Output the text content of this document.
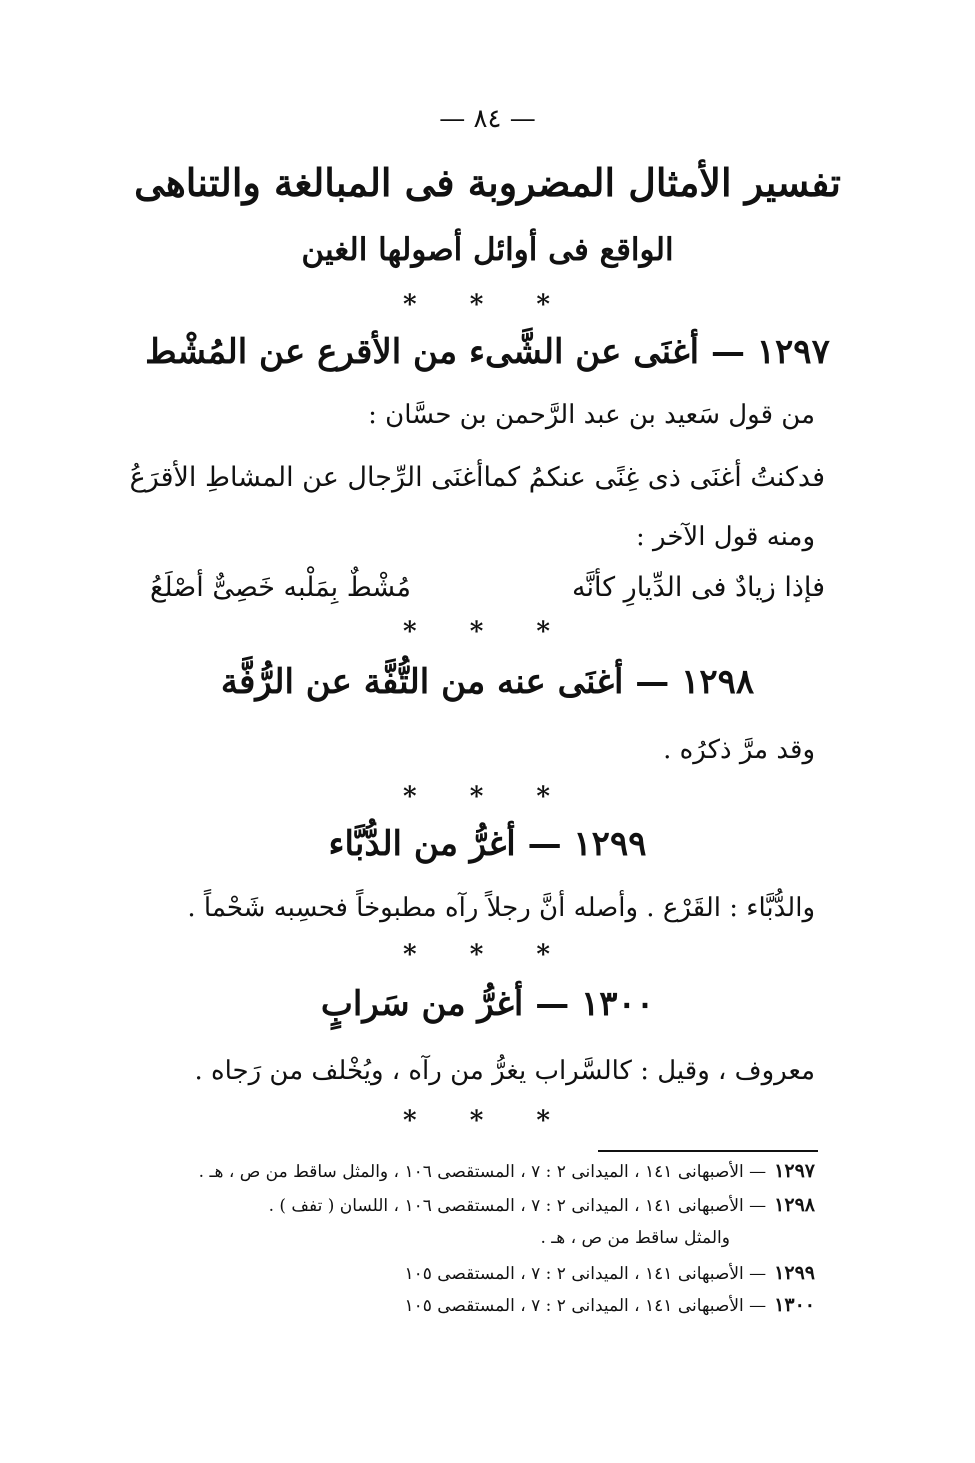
— ٨٤ —
تفسير الأمثال المضروبة فى المبالغة والتناهى
الواقع فى أوائل أصولها الغين
* * *
١٢٩٧ — أغنَى عن الشَّىء من الأقرع عن المُشْط
من قول سَعيد بن عبد الرَّحمن بن حسَّان :
فدكنتُ أغنَى ذى غِنًى عنكمُ كما
أغنَى الرِّجال عن المشاطِ الأقرَعُ
ومنه قول الآخر :
فإذا زيادٌ فى الدِّيارِ كأنَّه
مُشْطٌ بِمَلْبه خَصِىٌّ أصْلَعُ
* * *
١٢٩٨ — أغنَى عنه من التُّفَّة عن الرُّفَّة
وقد مرَّ ذكرُه .
* * *
١٢٩٩ — أغرُّ من الدُّبَّاء
والدُّبَّاء : القَرْع . وأصله أنَّ رجلاً رآه مطبوخاً فحسِبه شَحْماً .
* * *
١٣٠٠ — أغرُّ من سَرابٍ
معروف ، وقيل : كالسَّراب يغرُّ من رآه ، ويُخْلف من رَجاه .
* * *
١٢٩٧— الأصبهانى ١٤١ ، الميدانى ٢ : ٧ ، المستقصى ١٠٦ ، والمثل ساقط من ص ، هـ .
١٢٩٨— الأصبهانى ١٤١ ، الميدانى ٢ : ٧ ، المستقصى ١٠٦ ، اللسان ( تفف ) .
والمثل ساقط من ص ، هـ .
١٢٩٩— الأصبهانى ١٤١ ، الميدانى ٢ : ٧ ، المستقصى ١٠٥
١٣٠٠— الأصبهانى ١٤١ ، الميدانى ٢ : ٧ ، المستقصى ١٠٥
